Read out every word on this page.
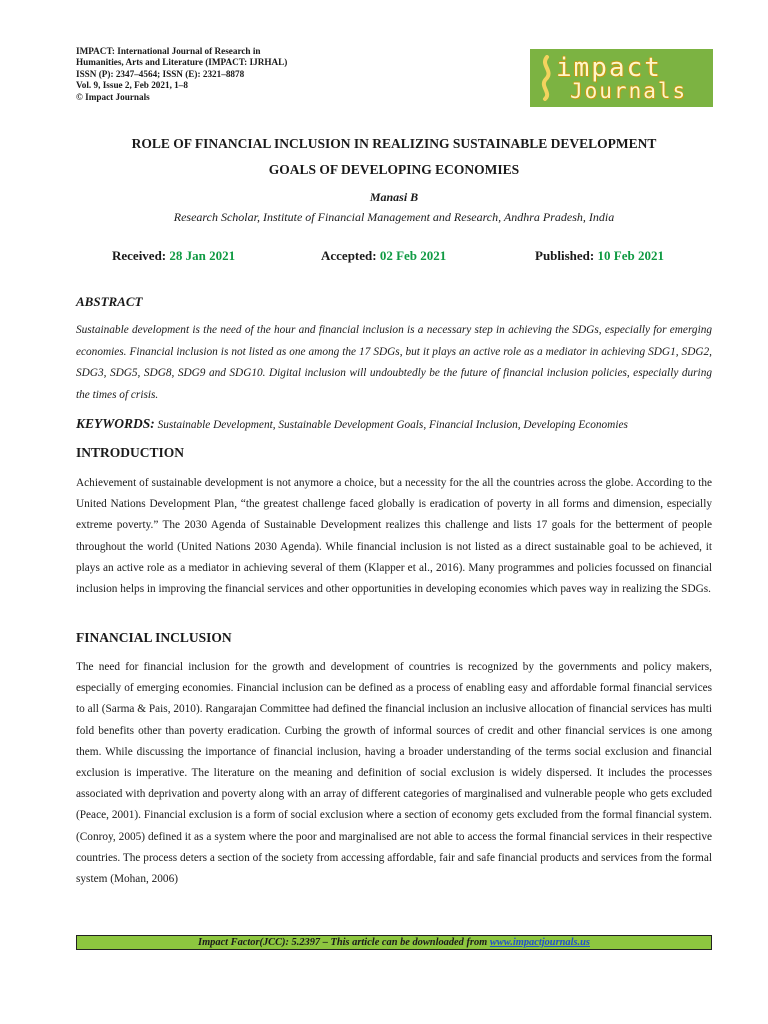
IMPACT: International Journal of Research in
Humanities, Arts and Literature (IMPACT: IJRHAL)
ISSN (P): 2347–4564; ISSN (E): 2321–8878
Vol. 9, Issue 2, Feb 2021, 1–8
© Impact Journals
impact
Journals
ROLE OF FINANCIAL INCLUSION IN REALIZING SUSTAINABLE DEVELOPMENT
GOALS OF DEVELOPING ECONOMIES
Manasi B
Research Scholar, Institute of Financial Management and Research, Andhra Pradesh, India
Received: 28 Jan 2021	Accepted: 02 Feb 2021	Published: 10 Feb 2021
ABSTRACT
Sustainable development is the need of the hour and financial inclusion is a necessary step in achieving the SDGs, especially for emerging economies. Financial inclusion is not listed as one among the 17 SDGs, but it plays an active role as a mediator in achieving SDG1, SDG2, SDG3, SDG5, SDG8, SDG9 and SDG10. Digital inclusion will undoubtedly be the future of financial inclusion policies, especially during the times of crisis.
KEYWORDS: Sustainable Development, Sustainable Development Goals, Financial Inclusion, Developing Economies
INTRODUCTION
Achievement of sustainable development is not anymore a choice, but a necessity for the all the countries across the globe. According to the United Nations Development Plan, “the greatest challenge faced globally is eradication of poverty in all forms and dimension, especially extreme poverty.” The 2030 Agenda of Sustainable Development realizes this challenge and lists 17 goals for the betterment of people throughout the world (United Nations 2030 Agenda). While financial inclusion is not listed as a direct sustainable goal to be achieved, it plays an active role as a mediator in achieving several of them (Klapper et al., 2016). Many programmes and policies focussed on financial inclusion helps in improving the financial services and other opportunities in developing economies which paves way in realizing the SDGs.
FINANCIAL INCLUSION
The need for financial inclusion for the growth and development of countries is recognized by the governments and policy makers, especially of emerging economies. Financial inclusion can be defined as a process of enabling easy and affordable formal financial services to all (Sarma & Pais, 2010). Rangarajan Committee had defined the financial inclusion an inclusive allocation of financial services has multi fold benefits other than poverty eradication. Curbing the growth of informal sources of credit and other financial services is one among them. While discussing the importance of financial inclusion, having a broader understanding of the terms social exclusion and financial exclusion is imperative. The literature on the meaning and definition of social exclusion is widely dispersed. It includes the processes associated with deprivation and poverty along with an array of different categories of marginalised and vulnerable people who gets excluded (Peace, 2001). Financial exclusion is a form of social exclusion where a section of economy gets excluded from the formal financial system. (Conroy, 2005) defined it as a system where the poor and marginalised are not able to access the formal financial services in their respective countries. The process deters a section of the society from accessing affordable, fair and safe financial products and services from the formal system (Mohan, 2006)
Impact Factor(JCC): 5.2397 – This article can be downloaded from www.impactjournals.us
